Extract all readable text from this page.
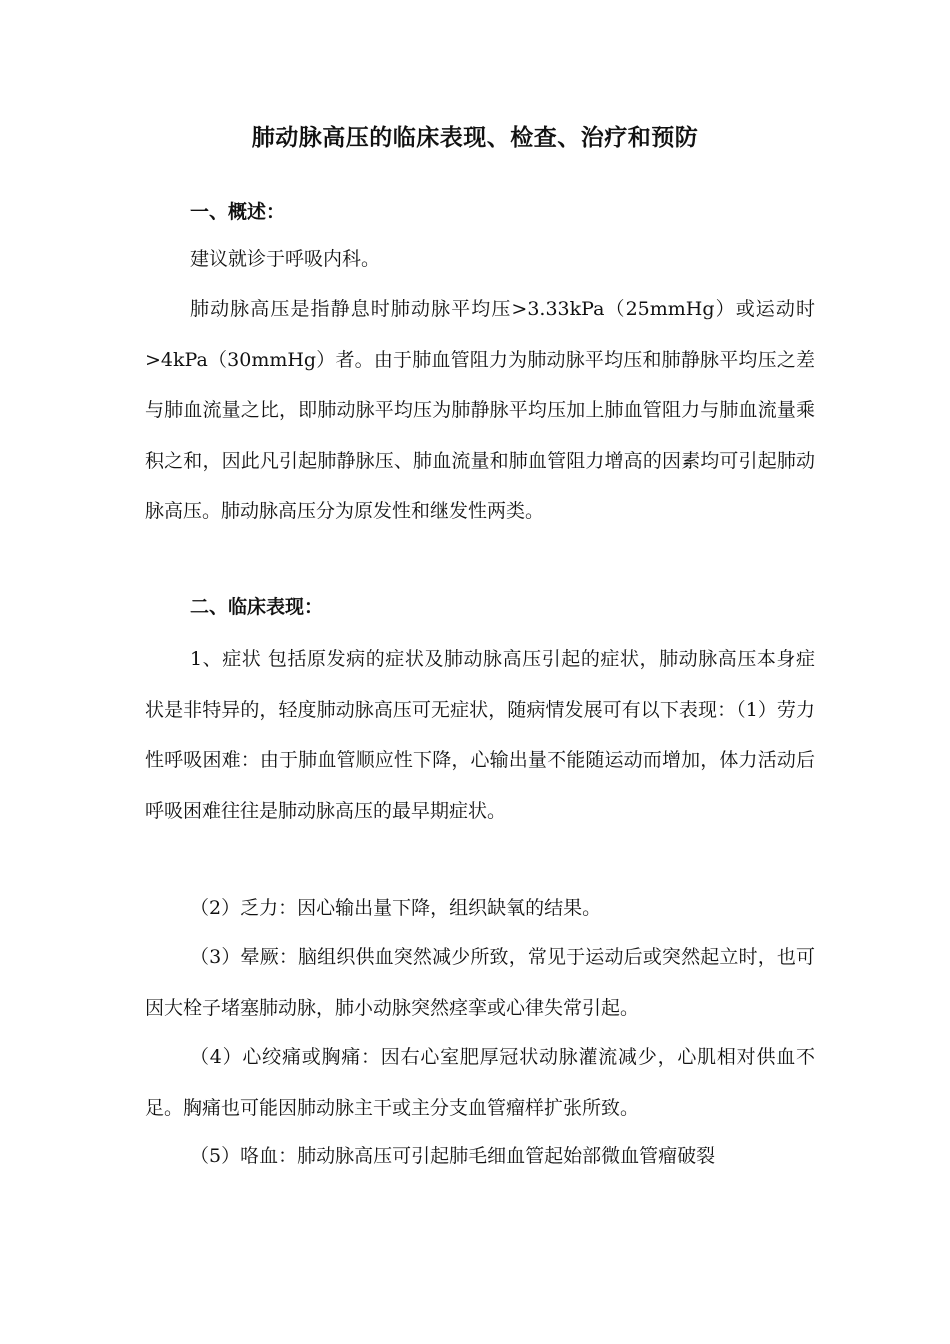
肺动脉高压的临床表现、检查、治疗和预防
一、概述：

建议就诊于呼吸内科。

肺动脉高压是指静息时肺动脉平均压>3.33kPa（25mmHg）或运动时>4kPa（30mmHg）者。由于肺血管阻力为肺动脉平均压和肺静脉平均压之差与肺血流量之比，即肺动脉平均压为肺静脉平均压加上肺血管阻力与肺血流量乘积之和，因此凡引起肺静脉压、肺血流量和肺血管阻力增高的因素均可引起肺动脉高压。肺动脉高压分为原发性和继发性两类。

二、临床表现：

1、症状 包括原发病的症状及肺动脉高压引起的症状，肺动脉高压本身症状是非特异的，轻度肺动脉高压可无症状，随病情发展可有以下表现：（1）劳力性呼吸困难：由于肺血管顺应性下降，心输出量不能随运动而增加，体力活动后呼吸困难往往是肺动脉高压的最早期症状。

（2）乏力：因心输出量下降，组织缺氧的结果。

（3）晕厥：脑组织供血突然减少所致，常见于运动后或突然起立时，也可因大栓子堵塞肺动脉，肺小动脉突然痉挛或心律失常引起。

（4）心绞痛或胸痛：因右心室肥厚冠状动脉灌流减少，心肌相对供血不足。胸痛也可能因肺动脉主干或主分支血管瘤样扩张所致。

（5）咯血：肺动脉高压可引起肺毛细血管起始部微血管瘤破裂
